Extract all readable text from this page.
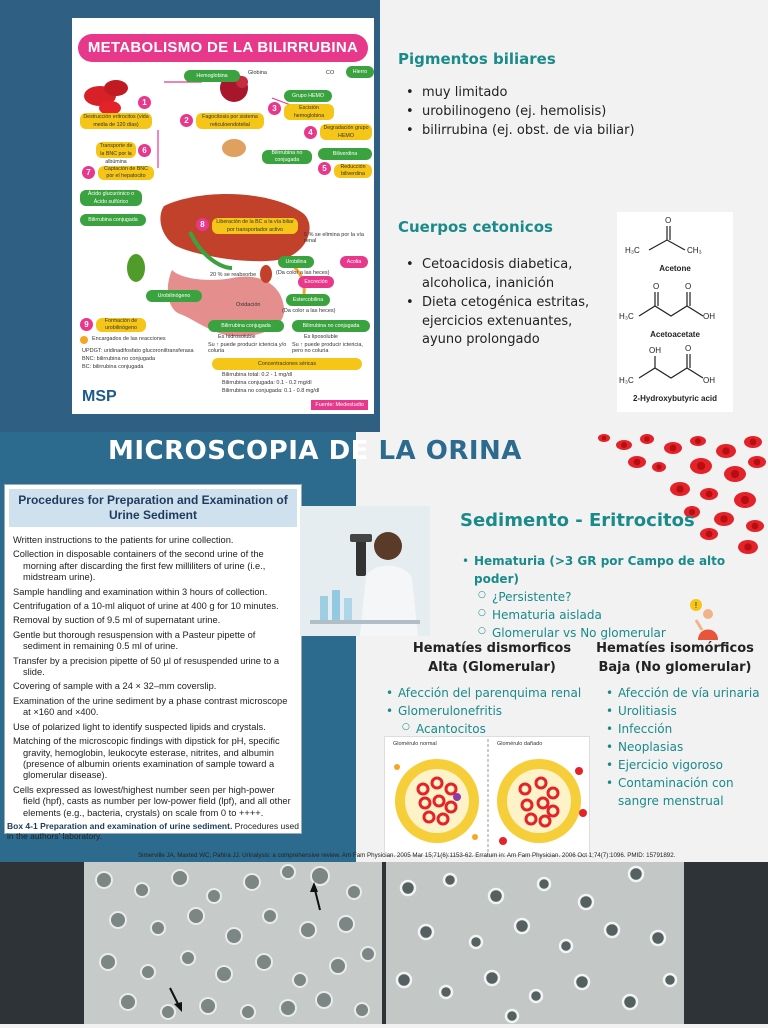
METABOLISMO DE LA BILIRRUBINA
Hemoglobina	Globina	CO	Hierro
Grupo HEMO
1
Destrucción eritrocitos (vida media de 120 días)	2	Fagocitosis por sistema reticuloendotelial
3	Escisión hemoglobina
4	Degradación grupo HEMO
Biliverdina
6
Transporte de la BNC por la albúmina
Bilirrubina no conjugada
5	Reducción biliverdina
7	Captación de BNC por el hepatocito
Ácido glucurónico o Ácido sulfúrico
Bilirrubina conjugada	8	Liberación de la BC a la vía biliar por transportador activo
5 % se elimina por la vía renal
20 % se reabsorbe
Urobilina
(Da color a las heces)
Acolia
Excreción
Urobilinógeno
Oxidación
Estercobilina
(Da color a las heces)
9	Formación de urobilinógeno
Encargados de las reacciones
UPDGT: uridinadifosfato glucoroniltransferasa
BNC: bilirrubina no conjugada
BC: bilirrubina conjugada
Bilirrubina conjugada
Es hidrosoluble
Su ↑ puede producir ictericia y/o coluria
Bilirrubina no conjugada
Es liposoluble
Su ↑ puede producir ictericia, pero no coluria
Concentraciones séricas
Bilirrubina total: 0.2 - 1 mg/dl
Bilirrubina conjugada: 0.1 - 0.2 mg/dl
Bilirrubina no conjugada: 0.1 - 0.8 mg/dl
MSP	Fuente: Medestudio
Pigmentos biliares
• muy limitado
• urobilinogeno (ej. hemolisis)
• bilirrubina (ej. obst. de via biliar)
Cuerpos cetonicos
• Cetoacidosis diabetica, alcoholica, inanición
• Dieta cetogénica estritas, ejercicios extenuantes, ayuno prolongado
O
H₃C	CH₃
Acetone
O	O
H₃C	OH
Acetoacetate
OH	O
H₃C	OH
2-Hydroxybutyric acid
MICROSCOPIA DE LA ORINA
Procedures for Preparation and Examination of Urine Sediment

Written instructions to the patients for urine collection.

Collection in disposable containers of the second urine of the morning after discarding the first few milliliters of urine (i.e., midstream urine).

Sample handling and examination within 3 hours of collection.

Centrifugation of a 10-ml aliquot of urine at 400 g for 10 minutes.

Removal by suction of 9.5 ml of supernatant urine.

Gentle but thorough resuspension with a Pasteur pipette of sediment in remaining 0.5 ml of urine.

Transfer by a precision pipette of 50 µl of resuspended urine to a slide.

Covering of sample with a 24 × 32–mm coverslip.

Examination of the urine sediment by a phase contrast microscope at ×160 and ×400.

Use of polarized light to identify suspected lipids and crystals.

Matching of the microscopic findings with dipstick for pH, specific gravity, hemoglobin, leukocyte esterase, nitrites, and albumin (presence of albumin orients examination of sample toward a glomerular disease).

Cells expressed as lowest/highest number seen per high-power field (hpf), casts as number per low-power field (lpf), and all other elements (e.g., bacteria, crystals) on scale from 0 to ++++.

Box 4-1 Preparation and examination of urine sediment. Procedures used in the authors' laboratory.
Sedimento - Eritrocitos
• Hematuria (>3 GR por Campo de alto poder)
○ ¿Persistente?
○ Hematuria aislada
○ Glomerular vs No glomerular
!
Hematíes dismorficos
Alta (Glomerular)
Hematíes isomórficos
Baja (No glomerular)
• Afección del parenquima renal
• Glomerulonefritis
○ Acantocitos
• Afección de vía urinaria
• Urolitiasis
• Infección
• Neoplasias
• Ejercicio vigoroso
• Contaminación con sangre menstrual
Glomérulo normal	Glomérulo dañado
Simerville JA, Maxted WC, Pahira JJ. Urinalysis: a comprehensive review. Am Fam Physician. 2005 Mar 15;71(6):1153-62. Erratum in: Am Fam Physician. 2006 Oct 1;74(7):1096. PMID: 15791892.
